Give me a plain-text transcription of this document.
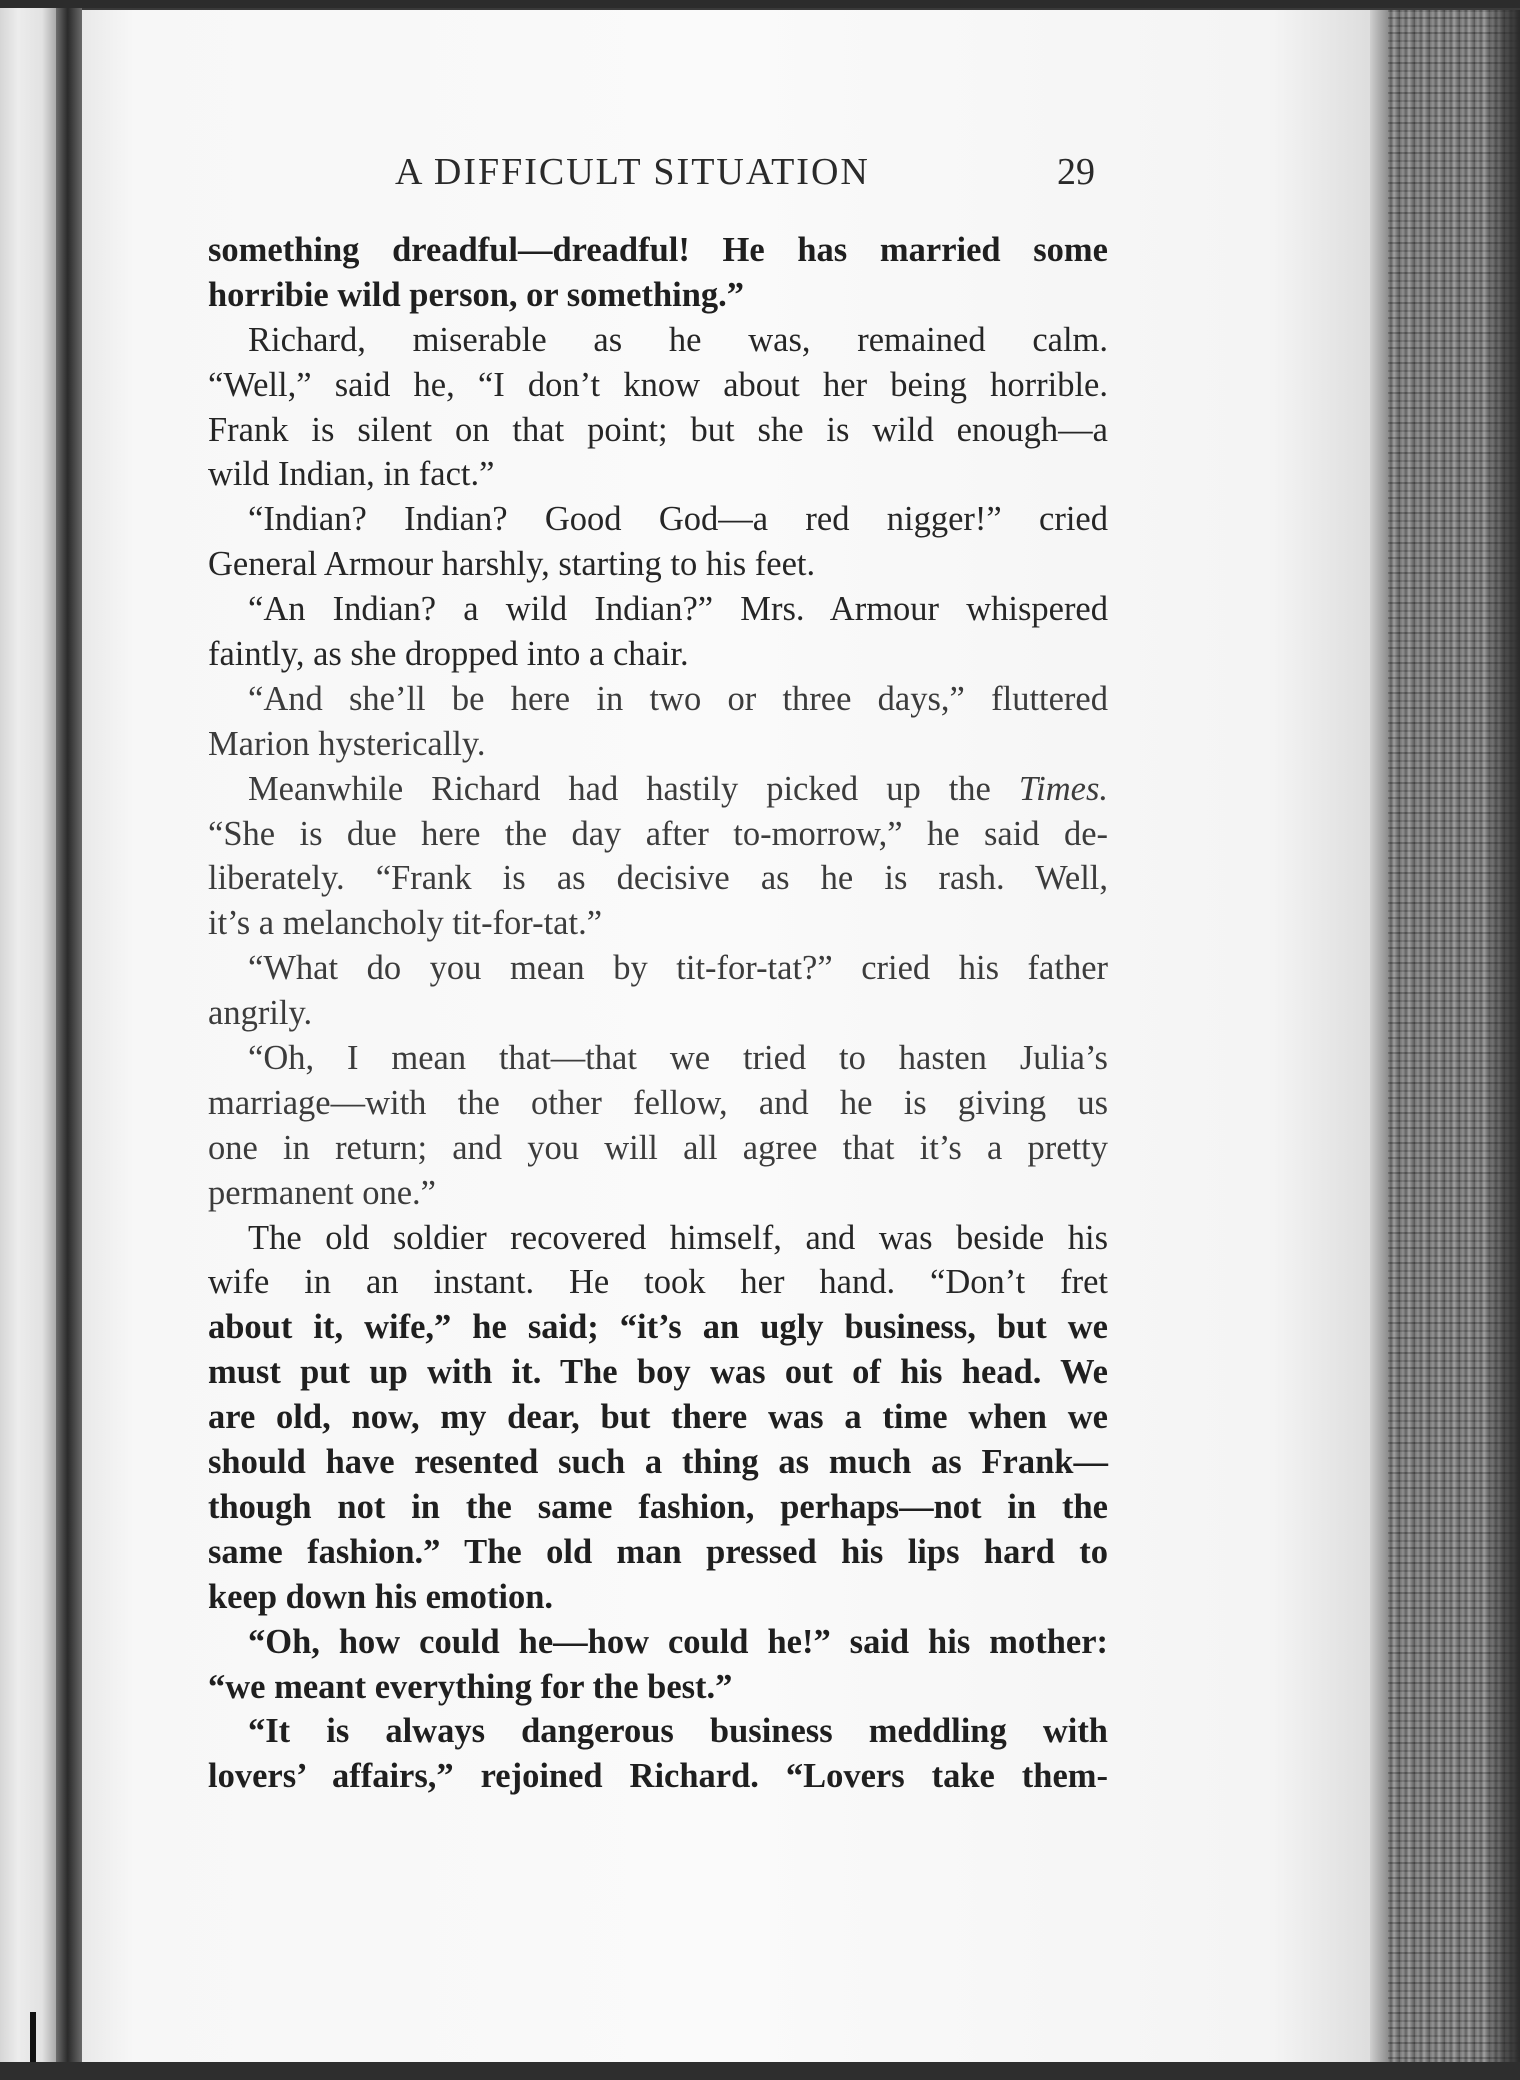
A DIFFICULT SITUATION	29
something dreadful—dreadful! He has married some
horribie wild person, or something.”
Richard, miserable as he was, remained calm.
“Well,” said he, “I don’t know about her being horrible.
Frank is silent on that point; but she is wild enough—a
wild Indian, in fact.”
“Indian? Indian? Good God—a red nigger!” cried
General Armour harshly, starting to his feet.
“An Indian? a wild Indian?” Mrs. Armour whispered
faintly, as she dropped into a chair.
“And she’ll be here in two or three days,” fluttered
Marion hysterically.
Meanwhile Richard had hastily picked up the Times.
“She is due here the day after to-morrow,” he said de-
liberately. “Frank is as decisive as he is rash. Well,
it’s a melancholy tit-for-tat.”
“What do you mean by tit-for-tat?” cried his father
angrily.
“Oh, I mean that—that we tried to hasten Julia’s
marriage—with the other fellow, and he is giving us
one in return; and you will all agree that it’s a pretty
permanent one.”
The old soldier recovered himself, and was beside his
wife in an instant. He took her hand. “Don’t fret
about it, wife,” he said; “it’s an ugly business, but we
must put up with it. The boy was out of his head. We
are old, now, my dear, but there was a time when we
should have resented such a thing as much as Frank—
though not in the same fashion, perhaps—not in the
same fashion.” The old man pressed his lips hard to
keep down his emotion.
“Oh, how could he—how could he!” said his mother:
“we meant everything for the best.”
“It is always dangerous business meddling with
lovers’ affairs,” rejoined Richard. “Lovers take them-
